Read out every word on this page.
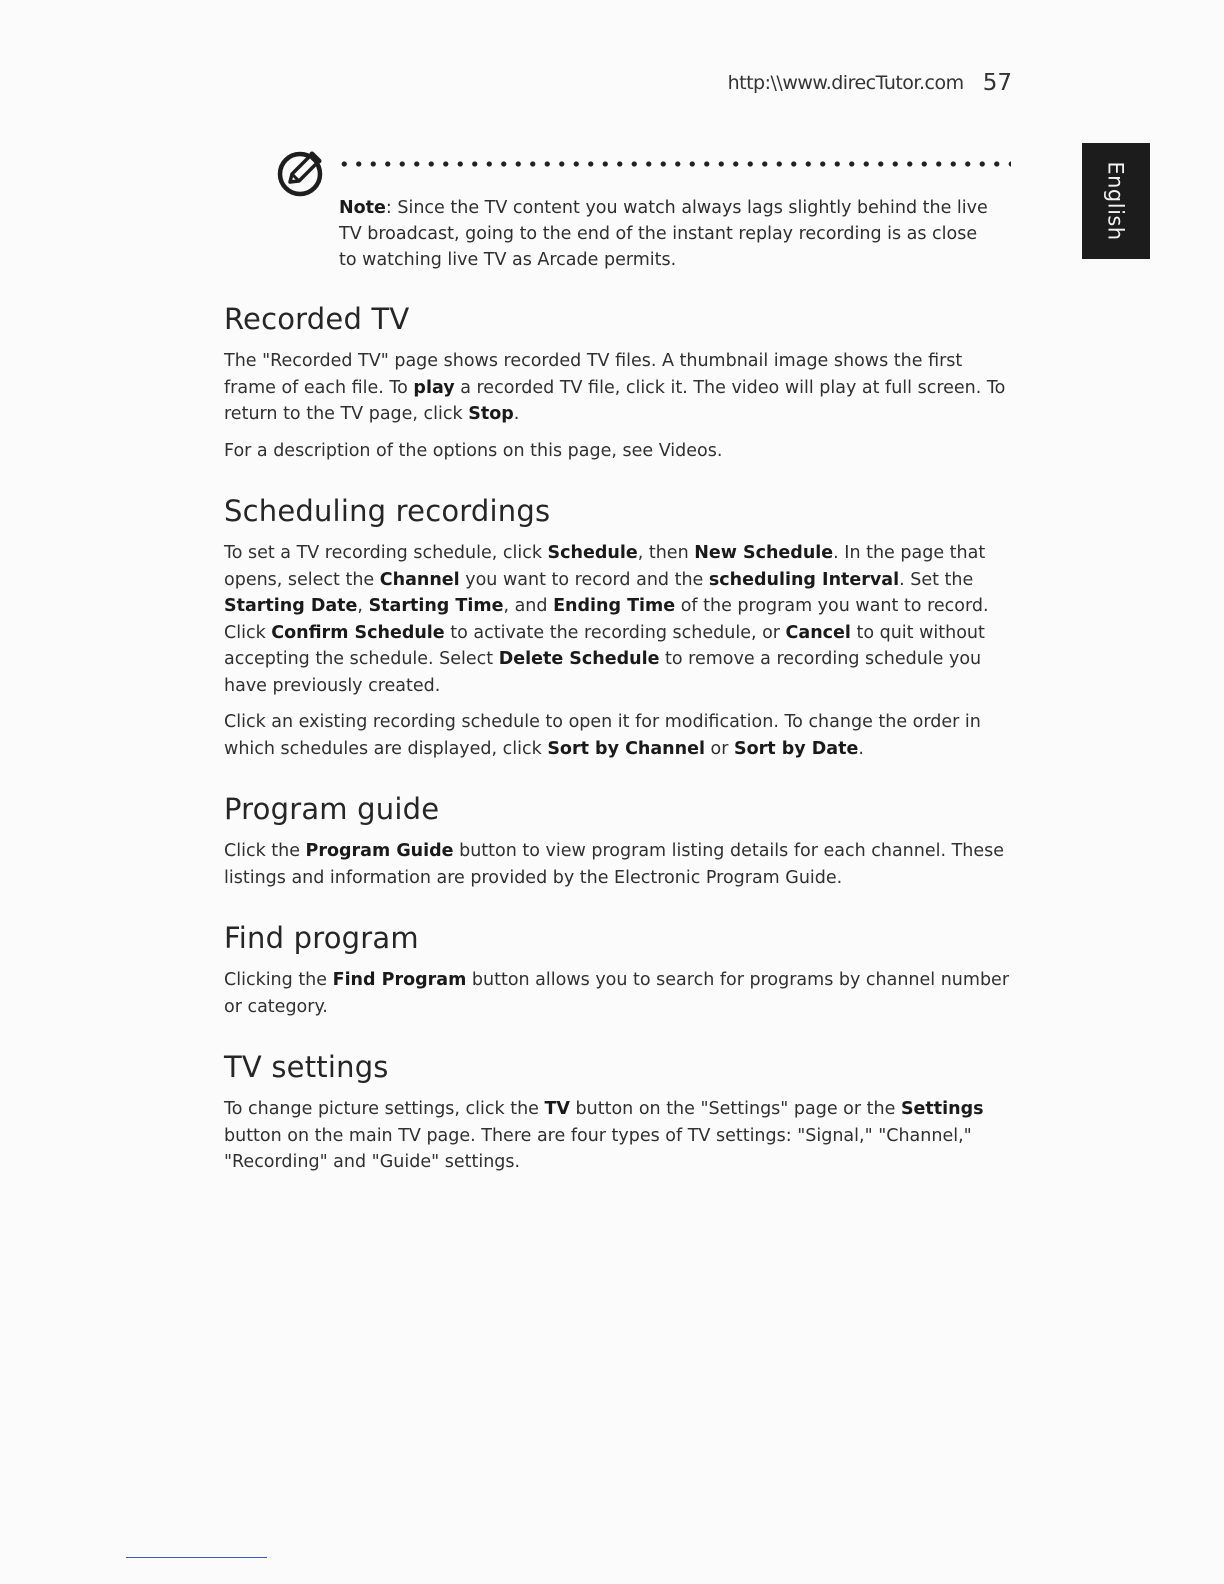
http:\\www.direcTutor.com 57
English
Note: Since the TV content you watch always lags slightly behind the live TV broadcast, going to the end of the instant replay recording is as close to watching live TV as Arcade permits.
Recorded TV

The "Recorded TV" page shows recorded TV files. A thumbnail image shows the first frame of each file. To play a recorded TV file, click it. The video will play at full screen. To return to the TV page, click Stop.

For a description of the options on this page, see Videos.

Scheduling recordings

To set a TV recording schedule, click Schedule, then New Schedule. In the page that opens, select the Channel you want to record and the scheduling Interval. Set the Starting Date, Starting Time, and Ending Time of the program you want to record. Click Confirm Schedule to activate the recording schedule, or Cancel to quit without accepting the schedule. Select Delete Schedule to remove a recording schedule you have previously created.

Click an existing recording schedule to open it for modification. To change the order in which schedules are displayed, click Sort by Channel or Sort by Date.

Program guide

Click the Program Guide button to view program listing details for each channel. These listings and information are provided by the Electronic Program Guide.

Find program

Clicking the Find Program button allows you to search for programs by channel number or category.

TV settings

To change picture settings, click the TV button on the "Settings" page or the Settings button on the main TV page. There are four types of TV settings: "Signal," "Channel," "Recording" and "Guide" settings.
